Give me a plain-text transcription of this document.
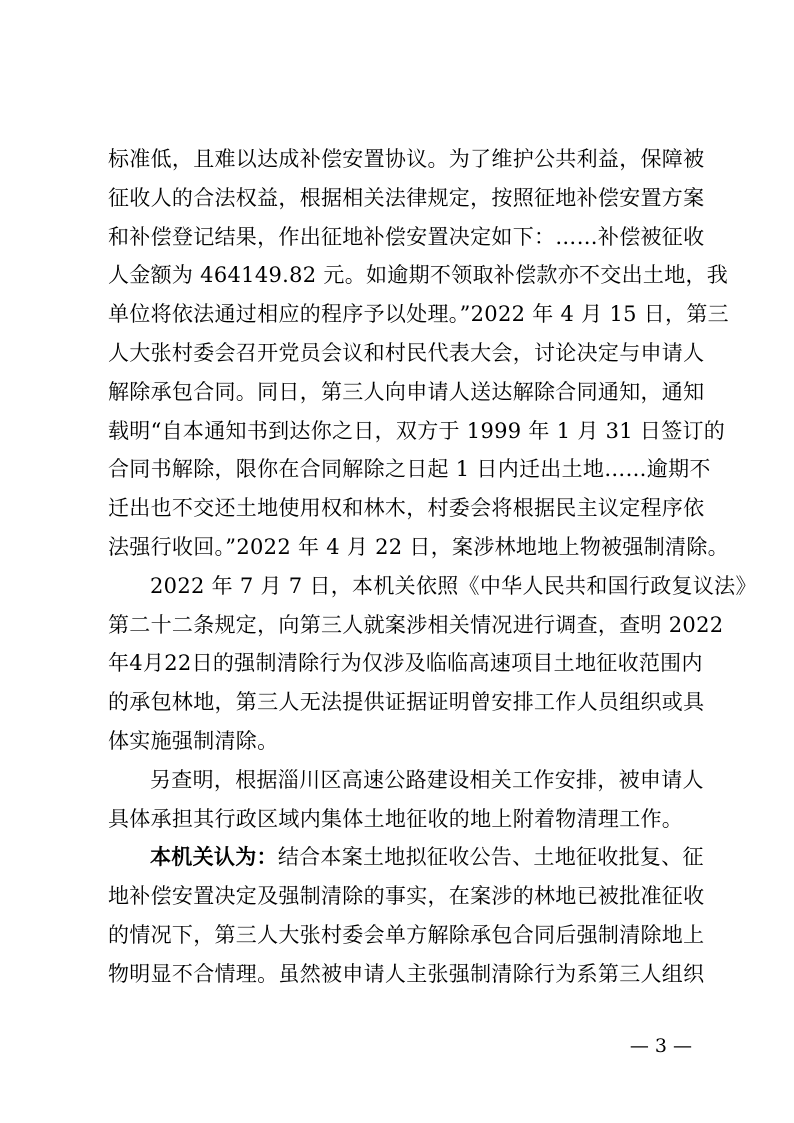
标准低，且难以达成补偿安置协议。为了维护公共利益，保障被
征收人的合法权益，根据相关法律规定，按照征地补偿安置方案
和补偿登记结果，作出征地补偿安置决定如下：……补偿被征收
人金额为 464149.82 元。如逾期不领取补偿款亦不交出土地，我
单位将依法通过相应的程序予以处理。”2022 年 4 月 15 日，第三
人大张村委会召开党员会议和村民代表大会，讨论决定与申请人
解除承包合同。同日，第三人向申请人送达解除合同通知，通知
载明“自本通知书到达你之日，双方于 1999 年 1 月 31 日签订的
合同书解除，限你在合同解除之日起 1 日内迁出土地……逾期不
迁出也不交还土地使用权和林木，村委会将根据民主议定程序依
法强行收回。”2022 年 4 月 22 日，案涉林地地上物被强制清除。
2022 年 7 月 7 日，本机关依照《中华人民共和国行政复议法》
第二十二条规定，向第三人就案涉相关情况进行调查，查明 2022
年4月22日的强制清除行为仅涉及临临高速项目土地征收范围内
的承包林地，第三人无法提供证据证明曾安排工作人员组织或具
体实施强制清除。
另查明，根据淄川区高速公路建设相关工作安排，被申请人
具体承担其行政区域内集体土地征收的地上附着物清理工作。
本机关认为：结合本案土地拟征收公告、土地征收批复、征
地补偿安置决定及强制清除的事实，在案涉的林地已被批准征收
的情况下，第三人大张村委会单方解除承包合同后强制清除地上
物明显不合情理。虽然被申请人主张强制清除行为系第三人组织
— 3 —
